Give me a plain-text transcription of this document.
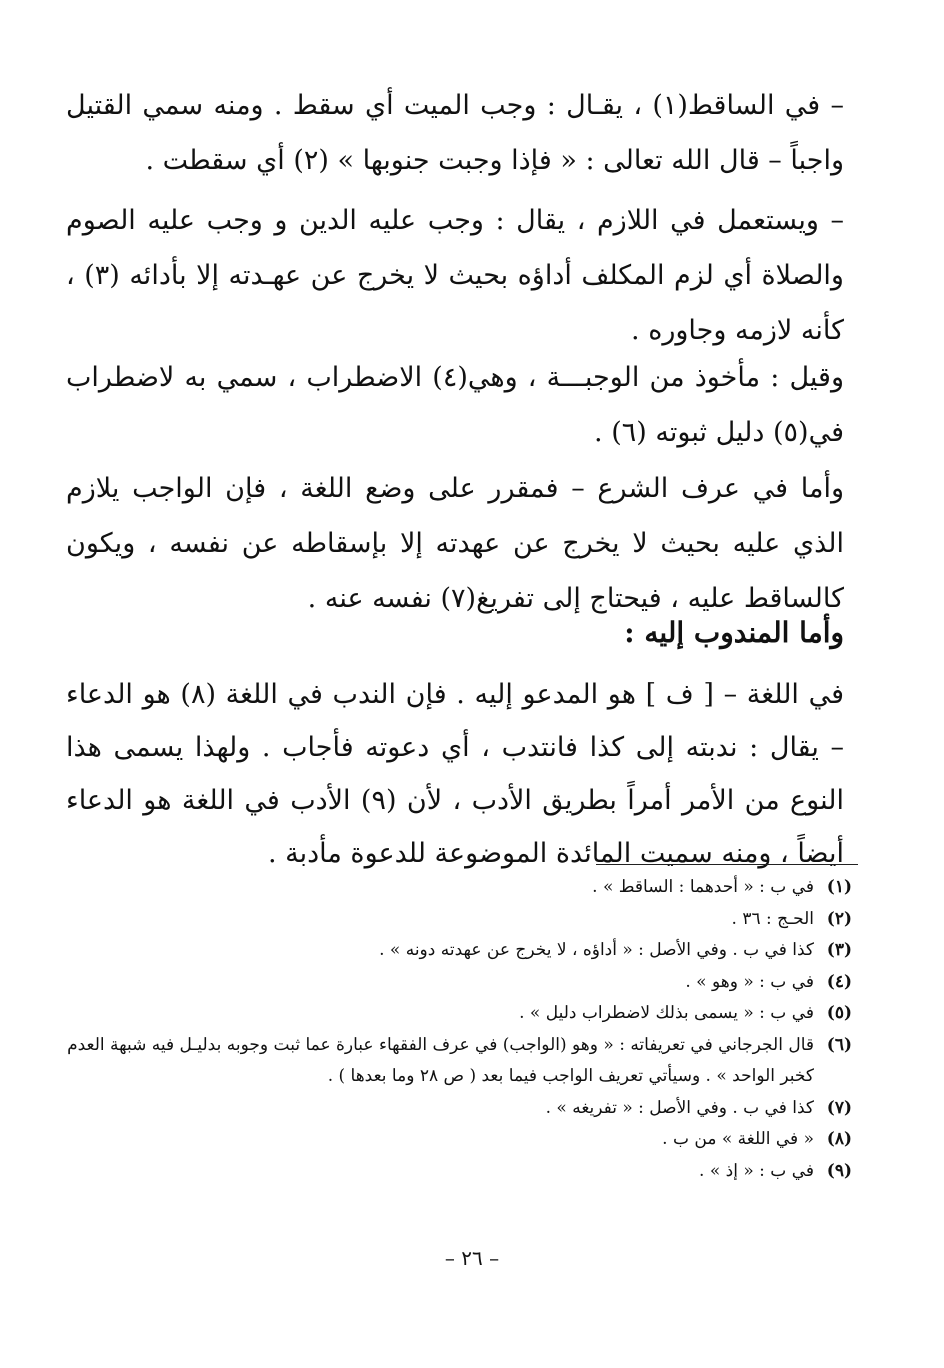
– في الساقط(١) ، يقـال : وجب الميت أي سقط . ومنه سمي القتيل واجباً – قال الله تعالى : « فإذا وجبت جنوبها » (٢) أي سقطت .

– ويستعمل في اللازم ، يقال : وجب عليه الدين و وجب عليه الصوم والصلاة أي لزم المكلف أداؤه بحيث لا يخرج عن عهـدته إلا بأدائه (٣) ، كأنه لازمه وجاوره .

وقيل : مأخوذ من الوجبـــة ، وهي(٤) الاضطراب ، سمي به لاضطراب في(٥) دليل ثبوته (٦) .

وأما في عرف الشرع – فمقرر على وضع اللغة ، فإن الواجب يلازم الذي عليه بحيث لا يخرج عن عهدته إلا بإسقاطه عن نفسه ، ويكون كالساقط عليه ، فيحتاج إلى تفريغ(٧) نفسه عنه .

وأما المندوب إليه :

في اللغة – [ ف ] هو المدعو إليه . فإن الندب في اللغة (٨) هو الدعاء – يقال : ندبته إلى كذا فانتدب ، أي دعوته فأجاب . ولهذا يسمى هذا النوع من الأمر أمراً بطريق الأدب ، لأن (٩) الأدب في اللغة هو الدعاء أيضاً ، ومنه سميت المائدة الموضوعة للدعوة مأدبة .

(١)
في ب : « أحدهما : الساقط » .
(٢)
الحـج : ٣٦ .
(٣)
كذا في ب . وفي الأصل : « أداؤه ، لا يخرج عن عهدته دونه » .
(٤)
في ب : « وهو » .
(٥)
في ب : « يسمى بذلك لاضطراب دليل » .
(٦)
قال الجرجاني في تعريفاته : « وهو (الواجب) في عرف الفقهاء عبارة عما ثبت وجوبه بدليـل فيه شبهة العدم كخبر الواحد » . وسيأتي تعريف الواجب فيما بعد ( ص ٢٨ وما بعدها ) .
(٧)
كذا في ب . وفي الأصل : « تفريغه » .
(٨)
« في اللغة » من ب .
(٩)
في ب : « إذ » .
– ٢٦ –
